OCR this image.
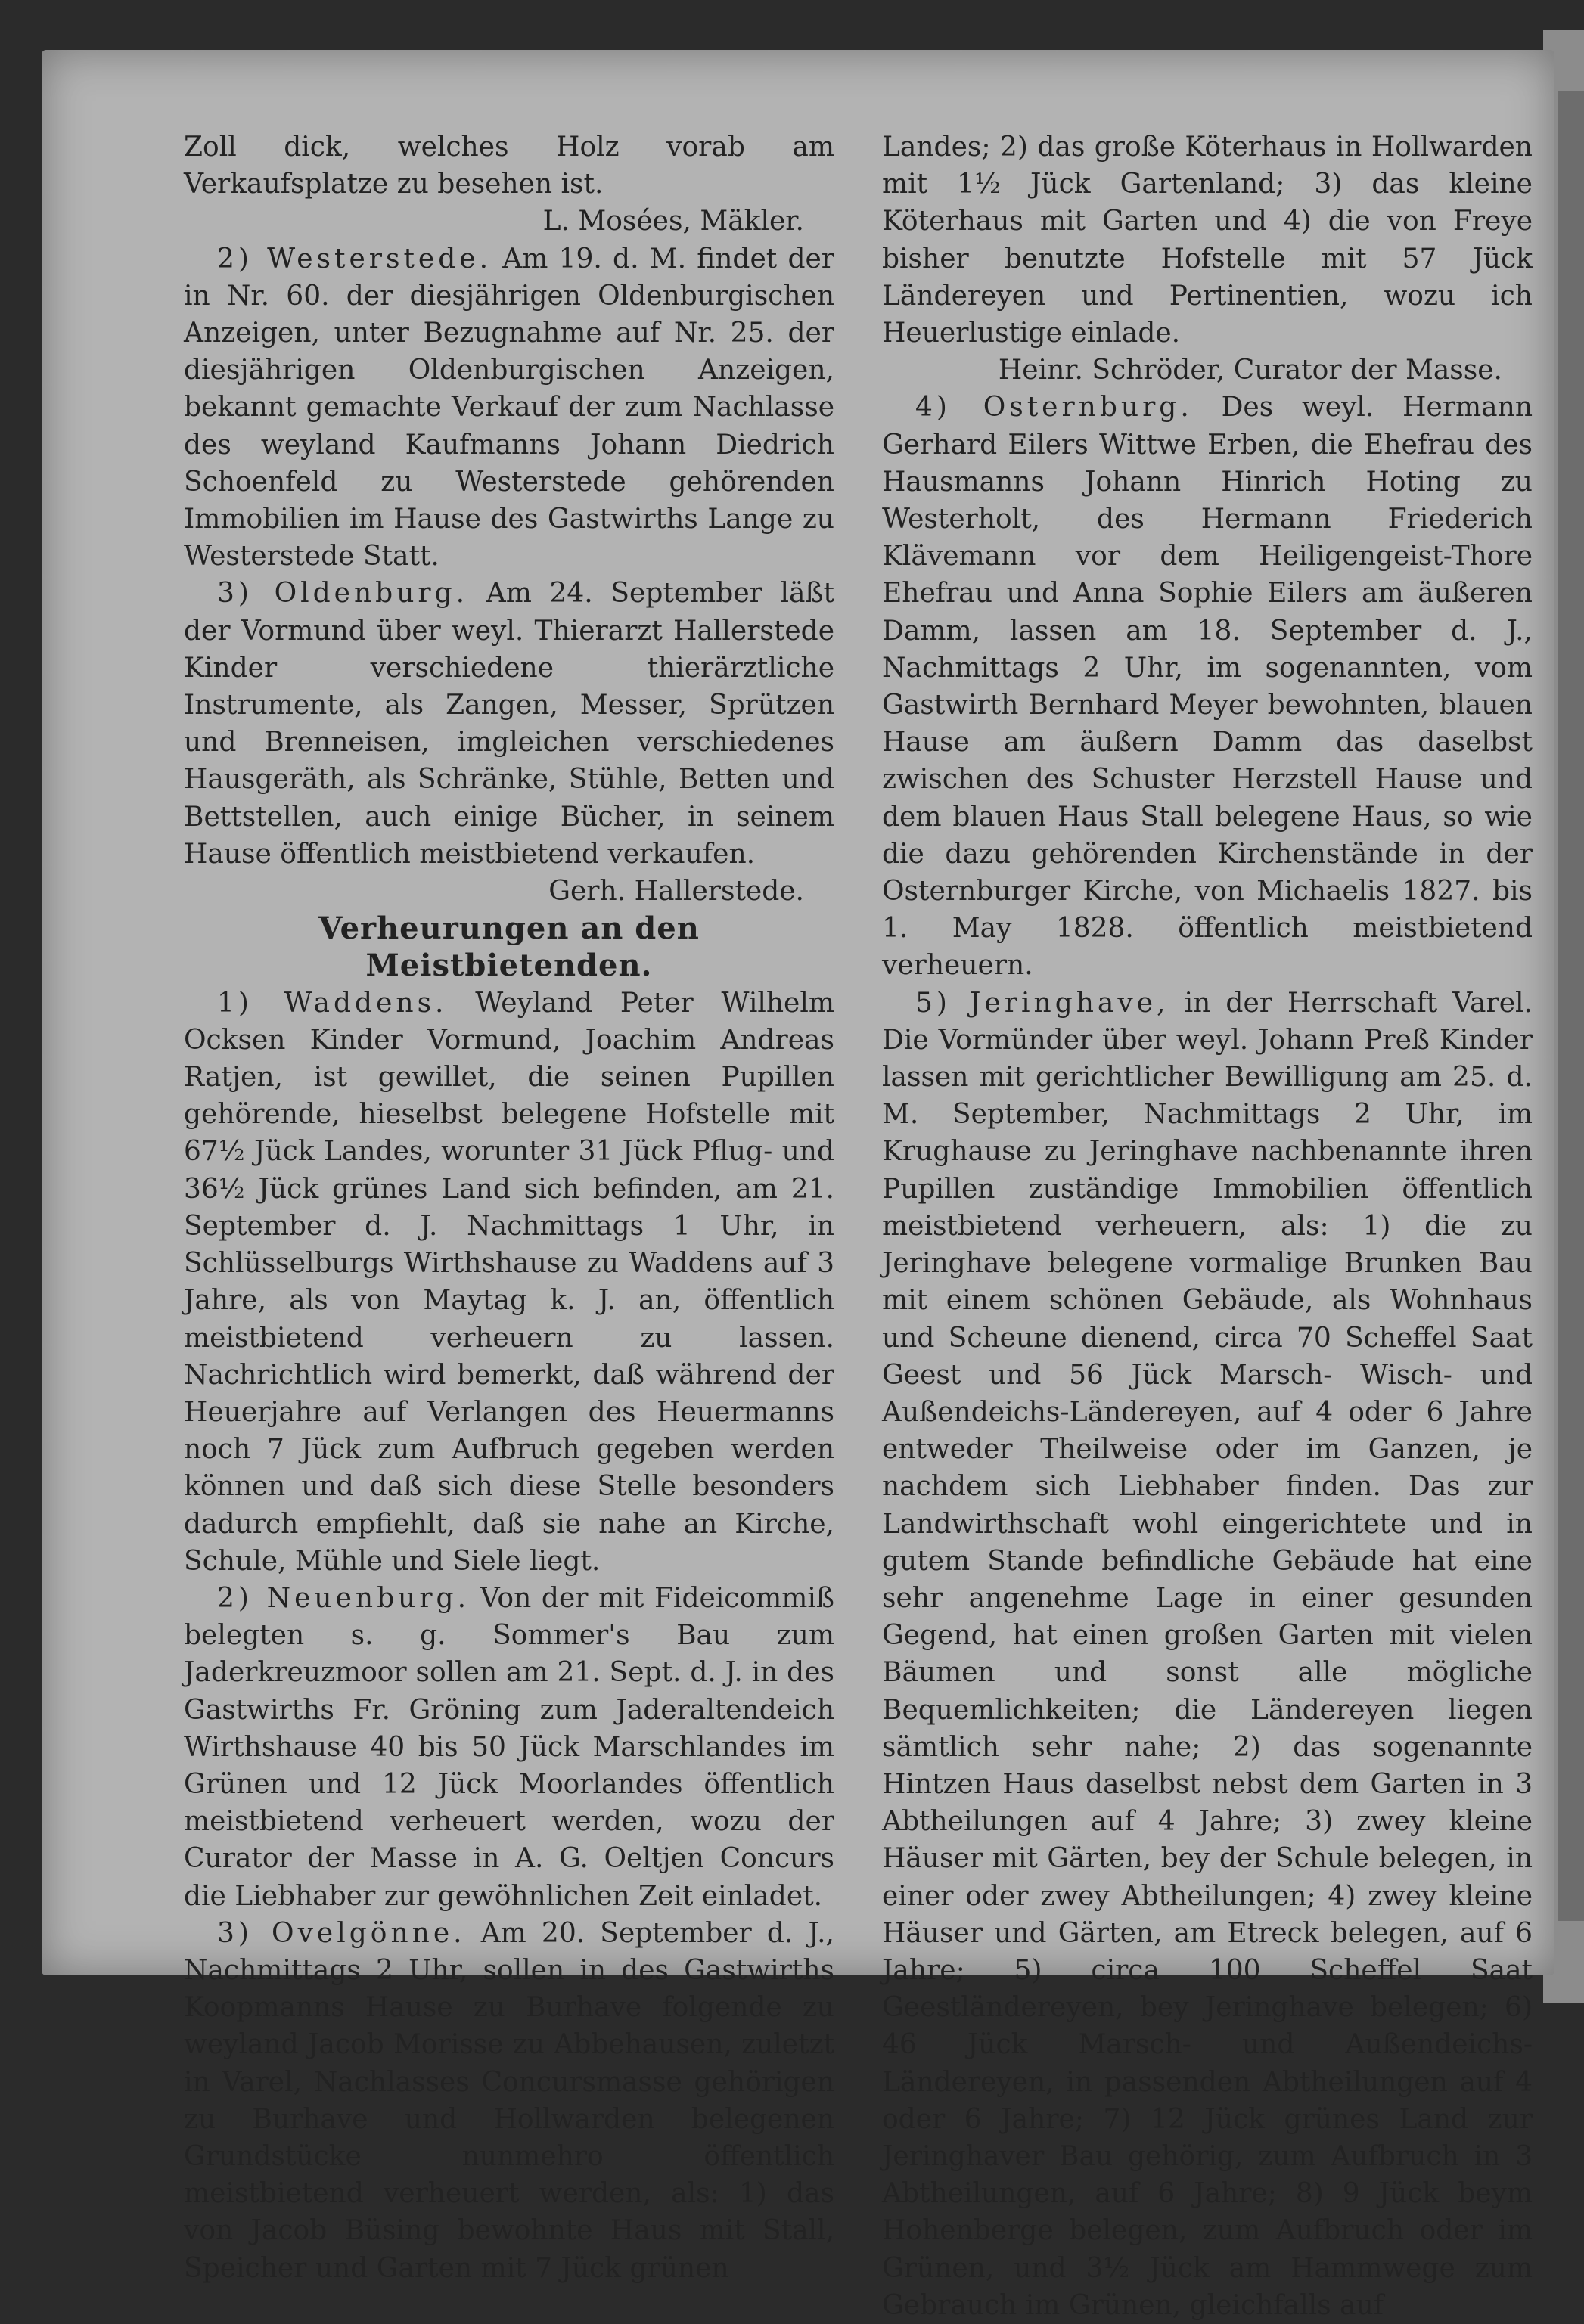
Zoll dick, welches Holz vorab am Verkaufsplatze zu besehen ist.

L. Mosées, Mäkler.

2) Westerstede. Am 19. d. M. findet der in Nr. 60. der diesjährigen Oldenburgischen Anzeigen, unter Bezugnahme auf Nr. 25. der diesjährigen Oldenburgischen Anzeigen, bekannt gemachte Verkauf der zum Nachlasse des weyland Kaufmanns Johann Diedrich Schoenfeld zu Westerstede gehörenden Immobilien im Hause des Gastwirths Lange zu Westerstede Statt.

3) Oldenburg. Am 24. September läßt der Vormund über weyl. Thierarzt Hallerstede Kinder verschiedene thierärztliche Instrumente, als Zangen, Messer, Sprützen und Brenneisen, imgleichen verschiedenes Hausgeräth, als Schränke, Stühle, Betten und Bettstellen, auch einige Bücher, in seinem Hause öffentlich meistbietend verkaufen.

Gerh. Hallerstede.

Verheurungen an den Meistbietenden.

1) Waddens. Weyland Peter Wilhelm Ocksen Kinder Vormund, Joachim Andreas Ratjen, ist gewillet, die seinen Pupillen gehörende, hieselbst belegene Hofstelle mit 67½ Jück Landes, worunter 31 Jück Pflug- und 36½ Jück grünes Land sich befinden, am 21. September d. J. Nachmittags 1 Uhr, in Schlüsselburgs Wirthshause zu Waddens auf 3 Jahre, als von Maytag k. J. an, öffentlich meistbietend verheuern zu lassen. Nachrichtlich wird bemerkt, daß während der Heuerjahre auf Verlangen des Heuermanns noch 7 Jück zum Aufbruch gegeben werden können und daß sich diese Stelle besonders dadurch empfiehlt, daß sie nahe an Kirche, Schule, Mühle und Siele liegt.

2) Neuenburg. Von der mit Fideicommiß belegten s. g. Sommer's Bau zum Jaderkreuzmoor sollen am 21. Sept. d. J. in des Gastwirths Fr. Gröning zum Jaderaltendeich Wirthshause 40 bis 50 Jück Marschlandes im Grünen und 12 Jück Moorlandes öffentlich meistbietend verheuert werden, wozu der Curator der Masse in A. G. Oeltjen Concurs die Liebhaber zur gewöhnlichen Zeit einladet.

3) Ovelgönne. Am 20. September d. J., Nachmittags 2 Uhr, sollen in des Gastwirths Koopmanns Hause zu Burhave folgende zu weyland Jacob Morisse zu Abbehausen, zuletzt in Varel, Nachlasses Concursmasse gehörigen zu Burhave und Hollwarden belegenen Grundstücke nunmehro öffentlich meistbietend verheuert werden, als: 1) das von Jacob Büsing bewohnte Haus mit Stall, Speicher und Garten mit 7 Jück grünen

Landes; 2) das große Köterhaus in Hollwarden mit 1½ Jück Gartenland; 3) das kleine Köterhaus mit Garten und 4) die von Freye bisher benutzte Hofstelle mit 57 Jück Ländereyen und Pertinentien, wozu ich Heuerlustige einlade.

Heinr. Schröder, Curator der Masse.

4) Osternburg. Des weyl. Hermann Gerhard Eilers Wittwe Erben, die Ehefrau des Hausmanns Johann Hinrich Hoting zu Westerholt, des Hermann Friederich Klävemann vor dem Heiligengeist-Thore Ehefrau und Anna Sophie Eilers am äußeren Damm, lassen am 18. September d. J., Nachmittags 2 Uhr, im sogenannten, vom Gastwirth Bernhard Meyer bewohnten, blauen Hause am äußern Damm das daselbst zwischen des Schuster Herzstell Hause und dem blauen Haus Stall belegene Haus, so wie die dazu gehörenden Kirchenstände in der Osternburger Kirche, von Michaelis 1827. bis 1. May 1828. öffentlich meistbietend verheuern.

5) Jeringhave, in der Herrschaft Varel. Die Vormünder über weyl. Johann Preß Kinder lassen mit gerichtlicher Bewilligung am 25. d. M. September, Nachmittags 2 Uhr, im Krughause zu Jeringhave nachbenannte ihren Pupillen zuständige Immobilien öffentlich meistbietend verheuern, als: 1) die zu Jeringhave belegene vormalige Brunken Bau mit einem schönen Gebäude, als Wohnhaus und Scheune dienend, circa 70 Scheffel Saat Geest und 56 Jück Marsch- Wisch- und Außendeichs-Ländereyen, auf 4 oder 6 Jahre entweder Theilweise oder im Ganzen, je nachdem sich Liebhaber finden. Das zur Landwirthschaft wohl eingerichtete und in gutem Stande befindliche Gebäude hat eine sehr angenehme Lage in einer gesunden Gegend, hat einen großen Garten mit vielen Bäumen und sonst alle mögliche Bequemlichkeiten; die Ländereyen liegen sämtlich sehr nahe; 2) das sogenannte Hintzen Haus daselbst nebst dem Garten in 3 Abtheilungen auf 4 Jahre; 3) zwey kleine Häuser mit Gärten, bey der Schule belegen, in einer oder zwey Abtheilungen; 4) zwey kleine Häuser und Gärten, am Etreck belegen, auf 6 Jahre; 5) circa 100 Scheffel Saat Geestländereyen, bey Jeringhave belegen; 6) 46 Jück Marsch- und Außendeichs-Ländereyen, in passenden Abtheilungen auf 4 oder 6 Jahre; 7) 12 Jück grünes Land zur Jeringhaver Bau gehörig, zum Aufbruch in 3 Abtheilungen, auf 6 Jahre; 8) 9 Jück beym Hohenberge belegen, zum Aufbruch oder im Grünen, und 3½ Jück am Hammwege zum Gebrauch im Grünen, gleichfalls auf
